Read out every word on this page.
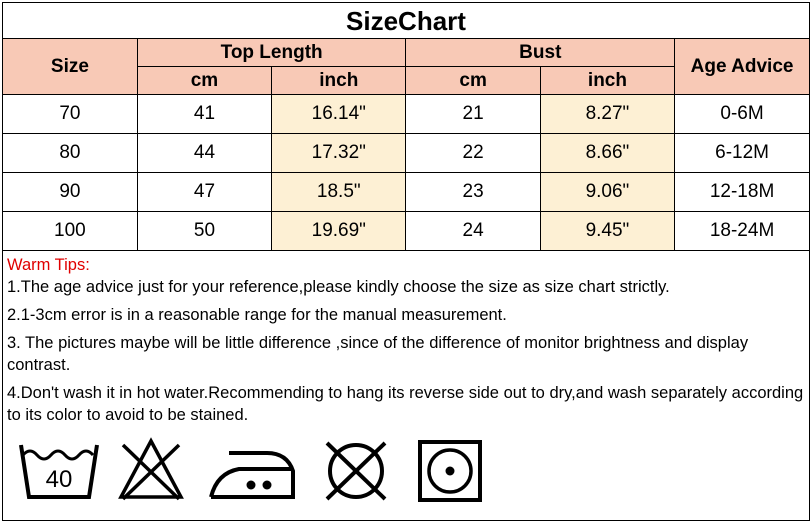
SizeChart
Size	Top Length		Bust		Age Advice
	cm	inch	cm	inch	
70	41	16.14"	21	8.27"	0-6M
80	44	17.32"	22	8.66"	6-12M
90	47	18.5"	23	9.06"	12-18M
100	50	19.69"	24	9.45"	18-24M
Warm Tips:

1.The age advice just for your reference,please kindly choose the size as size chart strictly.

2.1-3cm error is in a reasonable range for the manual measurement.

3. The pictures maybe will be little difference ,since of the difference of monitor brightness and display contrast.

4.Don't wash it in hot water.Recommending to hang its reverse side out to dry,and wash separately according to its color to avoid to be stained.

40
